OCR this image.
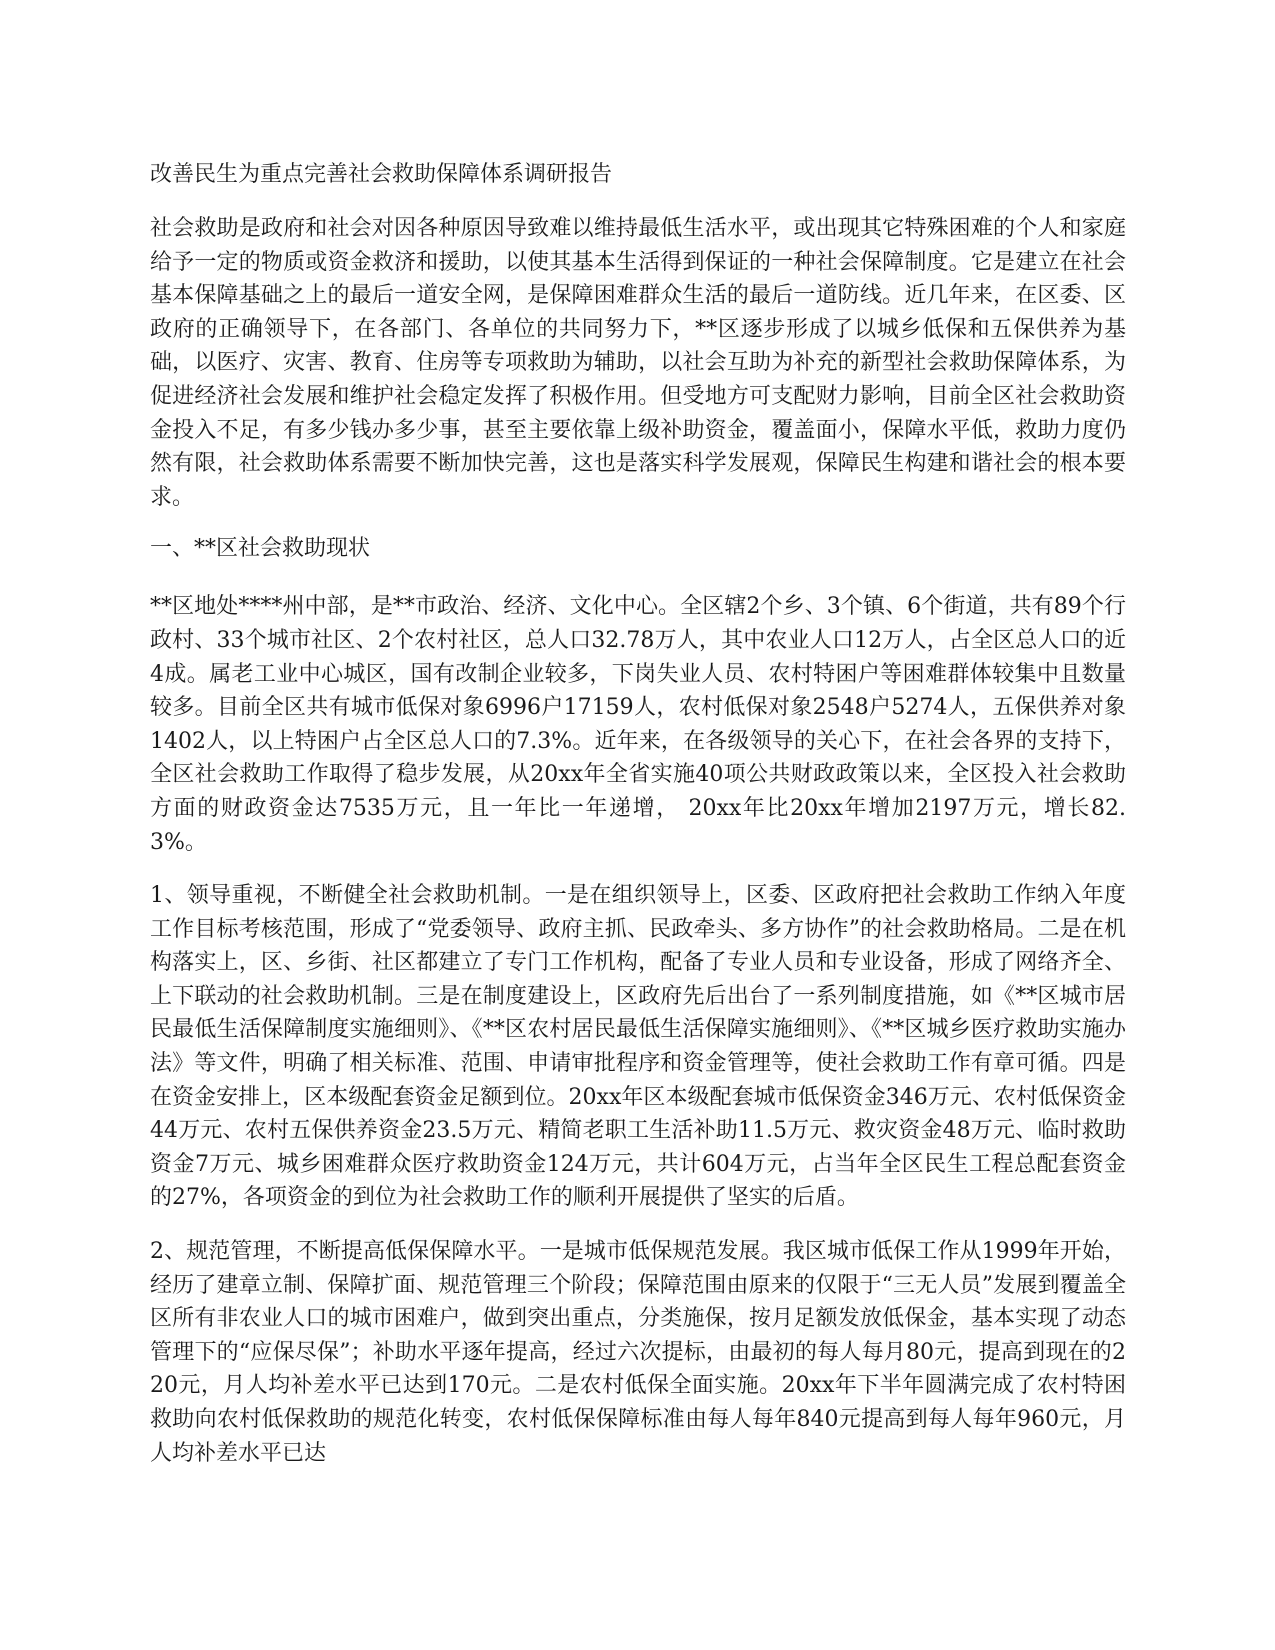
改善民生为重点完善社会救助保障体系调研报告

社会救助是政府和社会对因各种原因导致难以维持最低生活水平，或出现其它特殊困难的个人和家庭给予一定的物质或资金救济和援助，以使其基本生活得到保证的一种社会保障制度。它是建立在社会基本保障基础之上的最后一道安全网，是保障困难群众生活的最后一道防线。近几年来，在区委、区政府的正确领导下，在各部门、各单位的共同努力下，**区逐步形成了以城乡低保和五保供养为基础，以医疗、灾害、教育、住房等专项救助为辅助，以社会互助为补充的新型社会救助保障体系，为促进经济社会发展和维护社会稳定发挥了积极作用。但受地方可支配财力影响，目前全区社会救助资金投入不足，有多少钱办多少事，甚至主要依靠上级补助资金，覆盖面小，保障水平低，救助力度仍然有限，社会救助体系需要不断加快完善，这也是落实科学发展观，保障民生构建和谐社会的根本要求。

一、**区社会救助现状

**区地处****州中部，是**市政治、经济、文化中心。全区辖2个乡、3个镇、6个街道，共有89个行政村、33个城市社区、2个农村社区，总人口32.78万人，其中农业人口12万人，占全区总人口的近4成。属老工业中心城区，国有改制企业较多，下岗失业人员、农村特困户等困难群体较集中且数量较多。目前全区共有城市低保对象6996户17159人，农村低保对象2548户5274人，五保供养对象1402人，以上特困户占全区总人口的7.3%。近年来，在各级领导的关心下，在社会各界的支持下，全区社会救助工作取得了稳步发展，从20xx年全省实施40项公共财政政策以来，全区投入社会救助方面的财政资金达7535万元，且一年比一年递增， 20xx年比20xx年增加2197万元，增长82.3%。

1、领导重视，不断健全社会救助机制。一是在组织领导上，区委、区政府把社会救助工作纳入年度工作目标考核范围，形成了“党委领导、政府主抓、民政牵头、多方协作”的社会救助格局。二是在机构落实上，区、乡街、社区都建立了专门工作机构，配备了专业人员和专业设备，形成了网络齐全、上下联动的社会救助机制。三是在制度建设上，区政府先后出台了一系列制度措施，如《**区城市居民最低生活保障制度实施细则》、《**区农村居民最低生活保障实施细则》、《**区城乡医疗救助实施办法》等文件，明确了相关标准、范围、申请审批程序和资金管理等，使社会救助工作有章可循。四是在资金安排上，区本级配套资金足额到位。20xx年区本级配套城市低保资金346万元、农村低保资金44万元、农村五保供养资金23.5万元、精简老职工生活补助11.5万元、救灾资金48万元、临时救助资金7万元、城乡困难群众医疗救助资金124万元，共计604万元，占当年全区民生工程总配套资金的27%，各项资金的到位为社会救助工作的顺利开展提供了坚实的后盾。

2、规范管理，不断提高低保保障水平。一是城市低保规范发展。我区城市低保工作从1999年开始，经历了建章立制、保障扩面、规范管理三个阶段；保障范围由原来的仅限于“三无人员”发展到覆盖全区所有非农业人口的城市困难户，做到突出重点，分类施保，按月足额发放低保金，基本实现了动态管理下的“应保尽保”；补助水平逐年提高，经过六次提标，由最初的每人每月80元，提高到现在的220元，月人均补差水平已达到170元。二是农村低保全面实施。20xx年下半年圆满完成了农村特困救助向农村低保救助的规范化转变，农村低保保障标准由每人每年840元提高到每人每年960元，月人均补差水平已达
